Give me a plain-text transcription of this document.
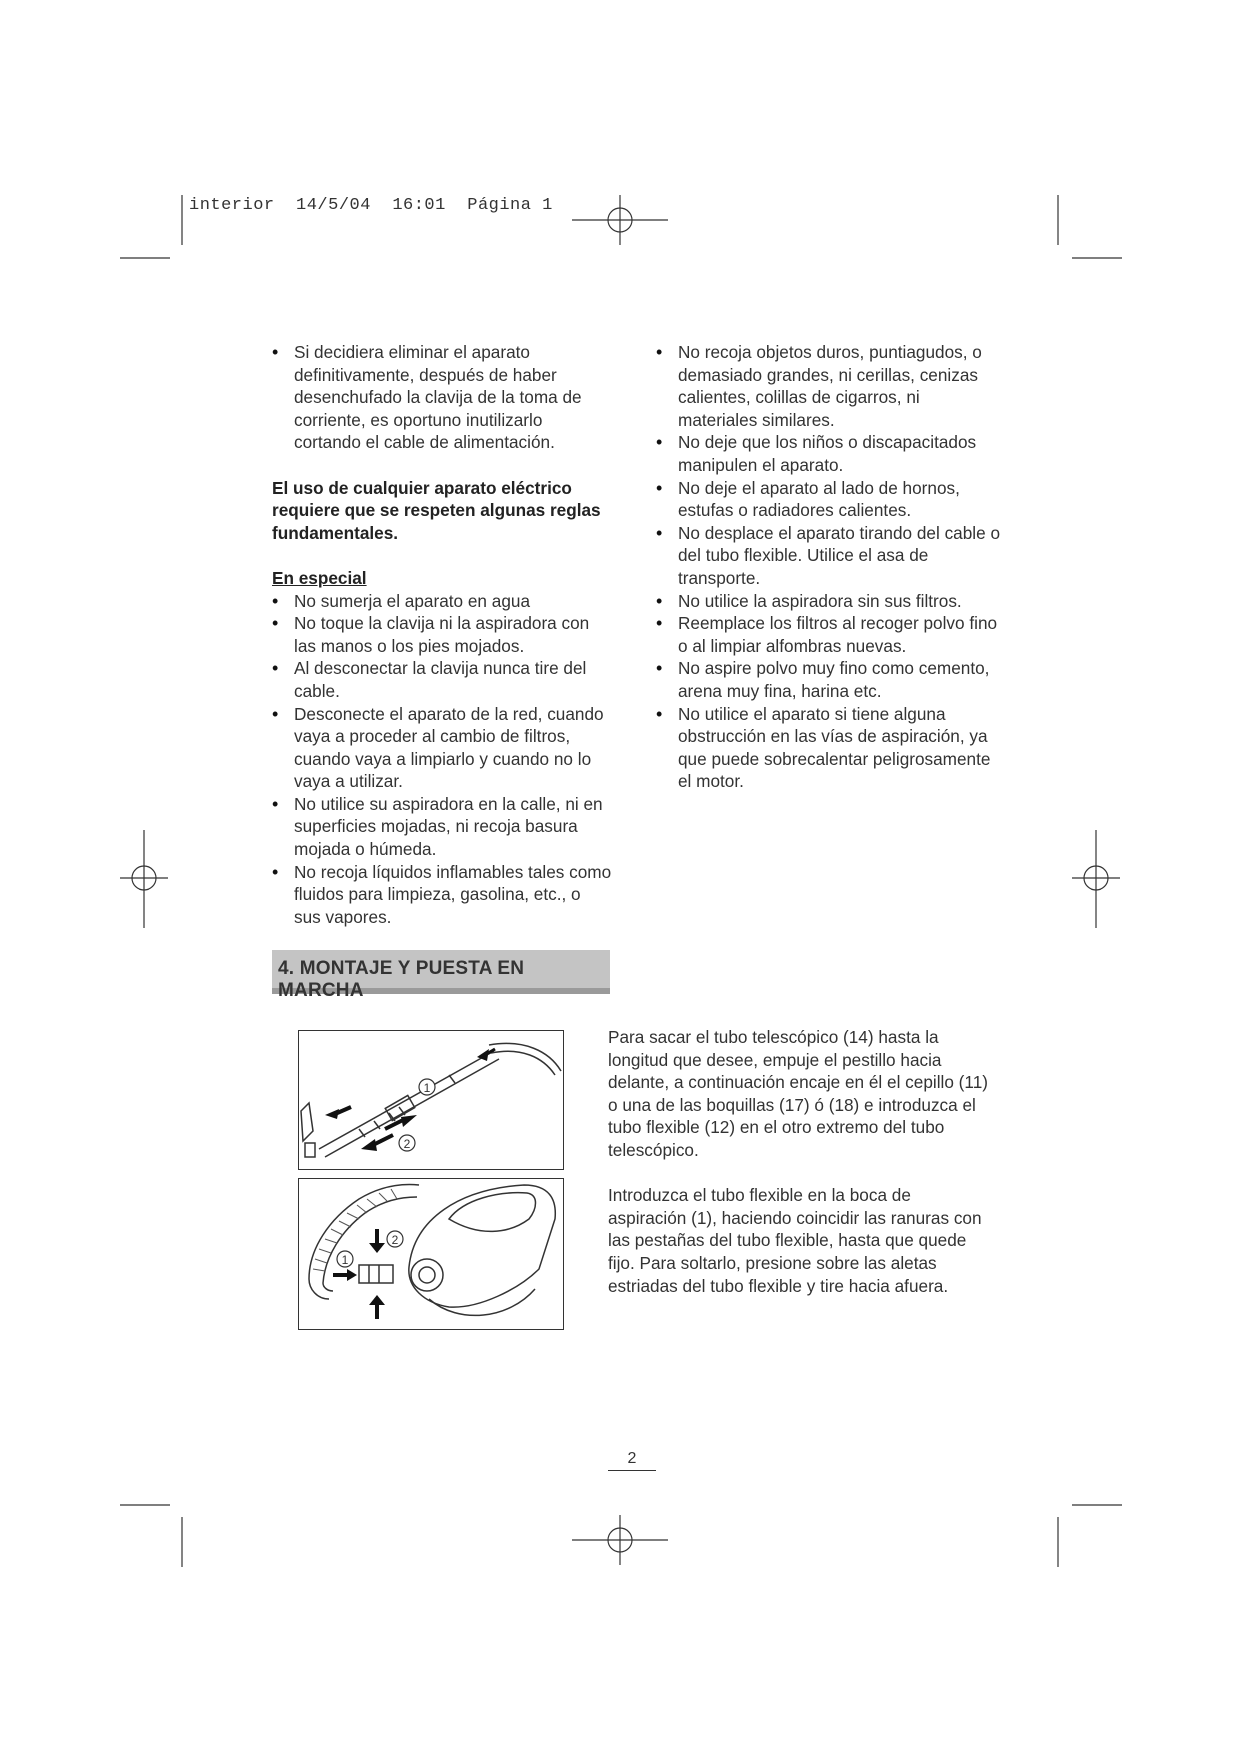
interior  14/5/04  16:01  Página 1
• Si decidiera eliminar el aparato definitivamente, después de haber desenchufado la clavija de la toma de corriente, es oportuno inutilizarlo cortando el cable de alimentación.
El uso de cualquier aparato eléctrico requiere que se respeten algunas reglas fundamentales.
En especial
• No sumerja el aparato en agua
• No toque la clavija ni la aspiradora con las manos o los pies mojados.
• Al desconectar la clavija nunca tire del cable.
• Desconecte el aparato de la red, cuando vaya a proceder al cambio de filtros, cuando vaya a limpiarlo y cuando no lo vaya a utilizar.
• No utilice su aspiradora en la calle, ni en superficies mojadas, ni recoja basura mojada o húmeda.
• No recoja líquidos inflamables tales como fluidos para limpieza, gasolina, etc., o sus vapores.
• No recoja objetos duros, puntiagudos, o demasiado grandes, ni cerillas, cenizas calientes, colillas de cigarros, ni materiales similares.
• No deje que los niños o discapacitados manipulen el aparato.
• No deje el aparato al lado de hornos, estufas o radiadores calientes.
• No desplace el aparato tirando del cable o del tubo flexible. Utilice el asa de transporte.
• No utilice la aspiradora sin sus filtros.
• Reemplace los filtros al recoger polvo fino o al limpiar alfombras nuevas.
• No aspire polvo muy fino como cemento, arena muy fina, harina etc.
• No utilice el aparato si tiene alguna obstrucción en las vías de aspiración, ya que puede sobrecalentar peligrosamente el motor.
4. MONTAJE Y PUESTA EN MARCHA
1
2
1
2

Para sacar el tubo telescópico (14) hasta la longitud que desee, empuje el pestillo hacia delante, a continuación encaje en él el cepillo (11) o una de las boquillas (17) ó (18) e introduzca el tubo flexible (12) en el otro extremo del tubo telescópico.

Introduzca el tubo flexible en la boca de aspiración (1), haciendo coincidir las ranuras con las pestañas del tubo flexible, hasta que quede fijo. Para soltarlo, presione sobre las aletas estriadas del tubo flexible y tire hacia afuera.

2
